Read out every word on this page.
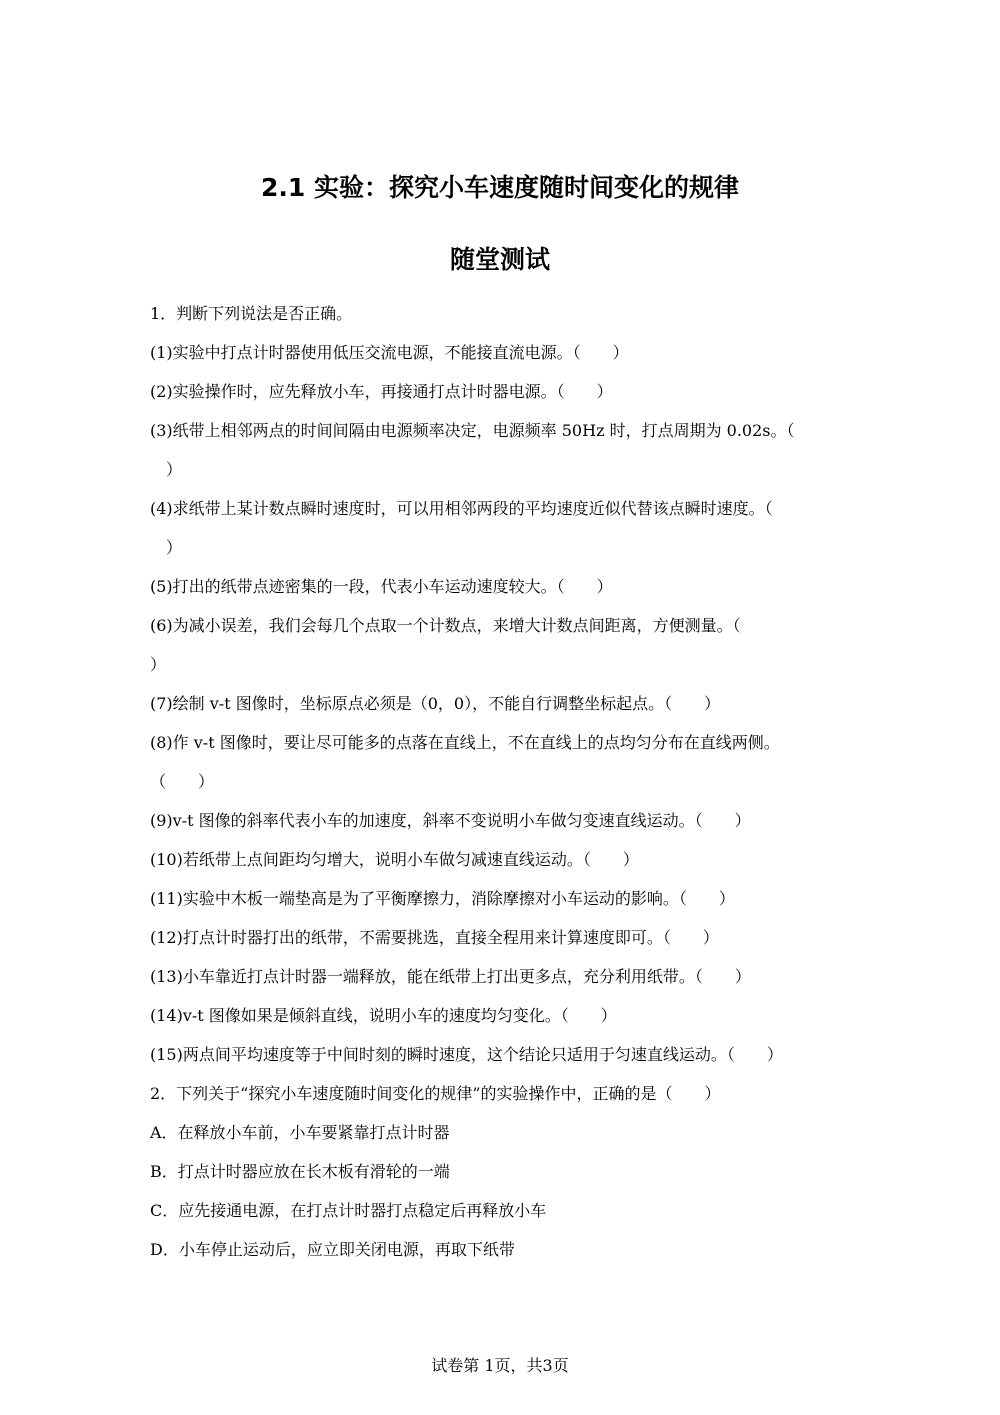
2.1 实验：探究小车速度随时间变化的规律
随堂测试

1．判断下列说法是否正确。

(1)实验中打点计时器使用低压交流电源，不能接直流电源。（　　）

(2)实验操作时，应先释放小车，再接通打点计时器电源。（　　）

(3)纸带上相邻两点的时间间隔由电源频率决定，电源频率 50Hz 时，打点周期为 0.02s。（

　）

(4)求纸带上某计数点瞬时速度时，可以用相邻两段的平均速度近似代替该点瞬时速度。（

　）

(5)打出的纸带点迹密集的一段，代表小车运动速度较大。（　　）

(6)为减小误差，我们会每几个点取一个计数点，来增大计数点间距离，方便测量。（

）

(7)绘制 v-t 图像时，坐标原点必须是（0，0），不能自行调整坐标起点。（　　）

(8)作 v-t 图像时，要让尽可能多的点落在直线上，不在直线上的点均匀分布在直线两侧。

（　　）

(9)v-t 图像的斜率代表小车的加速度，斜率不变说明小车做匀变速直线运动。（　　）

(10)若纸带上点间距均匀增大，说明小车做匀减速直线运动。（　　）

(11)实验中木板一端垫高是为了平衡摩擦力，消除摩擦对小车运动的影响。（　　）

(12)打点计时器打出的纸带，不需要挑选，直接全程用来计算速度即可。（　　）

(13)小车靠近打点计时器一端释放，能在纸带上打出更多点，充分利用纸带。（　　）

(14)v-t 图像如果是倾斜直线，说明小车的速度均匀变化。（　　）

(15)两点间平均速度等于中间时刻的瞬时速度，这个结论只适用于匀速直线运动。（　　）

2．下列关于“探究小车速度随时间变化的规律”的实验操作中，正确的是（　　）

A．在释放小车前，小车要紧靠打点计时器

B．打点计时器应放在长木板有滑轮的一端

C．应先接通电源，在打点计时器打点稳定后再释放小车

D．小车停止运动后，应立即关闭电源，再取下纸带

试卷第 1页，共3页
